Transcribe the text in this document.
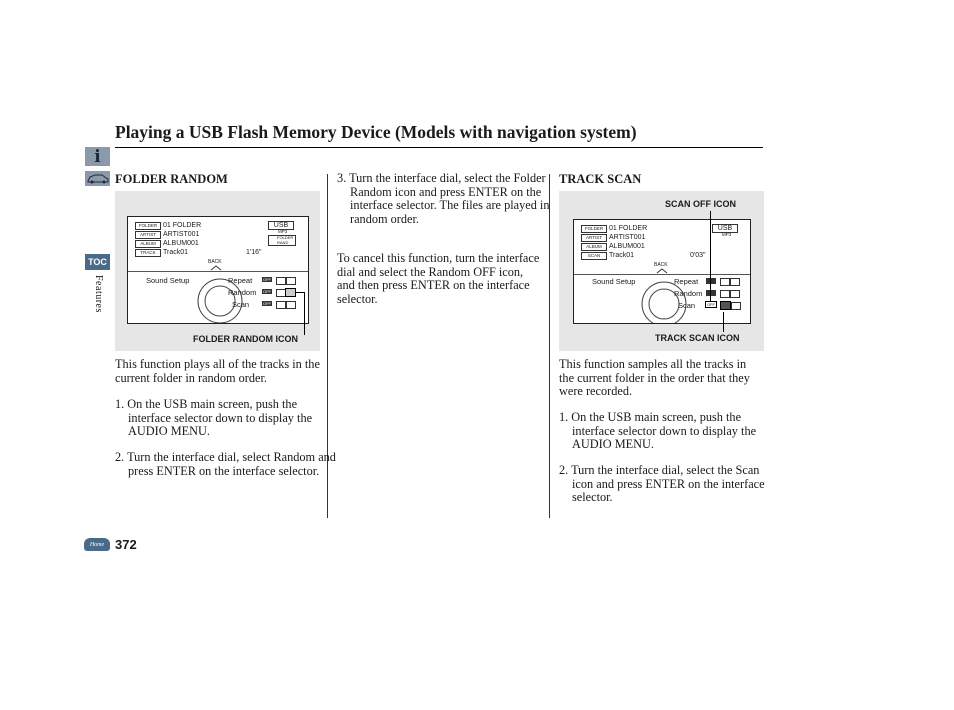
Playing a USB Flash Memory Device (Models with navigation system)
i
TOC
Features
Home 372
FOLDER RANDOM
FOLDER
ARTIST
ALBUM
TRACK
01 FOLDER
ARTIST001
ALBUM001
Track01	1'16"
USB
MP3
FOLDER
RAND
BACK
Sound Setup	Repeat
Random
Scan
OFF
OFF
OFF
FOLDER RANDOM ICON
This function plays all of the tracks in the current folder in random order.
1. On the USB main screen, push the interface selector down to display the AUDIO MENU.
2. Turn the interface dial, select Random and press ENTER on the interface selector.
3. Turn the interface dial, select the Folder Random icon and press ENTER on the interface selector. The files are played in random order.
To cancel this function, turn the interface dial and select the Random OFF icon, and then press ENTER on the interface selector.
TRACK SCAN
SCAN OFF ICON
FOLDER
ARTIST
ALBUM
SCAN
01 FOLDER
ARTIST001
ALBUM001
Track01	0'03"
USB
MP3
BACK
Sound Setup	Repeat
Random
Scan	OFF
TRACK SCAN ICON
This function samples all the tracks in the current folder in the order that they were recorded.
1. On the USB main screen, push the interface selector down to display the AUDIO MENU.
2. Turn the interface dial, select the Scan icon and press ENTER on the interface selector.
